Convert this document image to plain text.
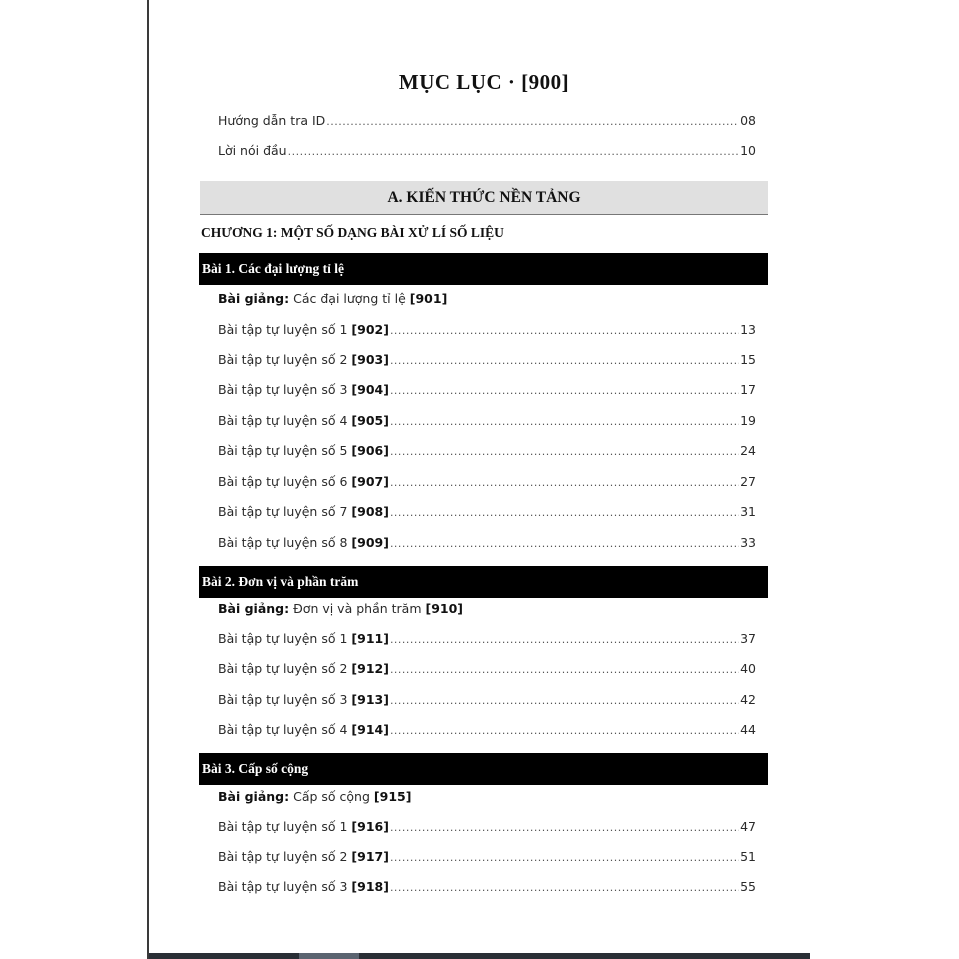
MỤC LỤC · [900]
Hướng dẫn tra ID .....	08
Lời nói đầu .....	10
A. KIẾN THỨC NỀN TẢNG
CHƯƠNG 1: MỘT SỐ DẠNG BÀI XỬ LÍ SỐ LIỆU
Bài 1. Các đại lượng tỉ lệ
Bài giảng: Các đại lượng tỉ lệ [901]
Bài tập tự luyện số 1 [902] .....	13
Bài tập tự luyện số 2 [903] .....	15
Bài tập tự luyện số 3 [904] .....	17
Bài tập tự luyện số 4 [905] .....	19
Bài tập tự luyện số 5 [906] .....	24
Bài tập tự luyện số 6 [907] .....	27
Bài tập tự luyện số 7 [908] .....	31
Bài tập tự luyện số 8 [909] .....	33
Bài 2. Đơn vị và phần trăm
Bài giảng: Đơn vị và phần trăm [910]
Bài tập tự luyện số 1 [911] .....	37
Bài tập tự luyện số 2 [912] .....	40
Bài tập tự luyện số 3 [913] .....	42
Bài tập tự luyện số 4 [914] .....	44
Bài 3. Cấp số cộng
Bài giảng: Cấp số cộng [915]
Bài tập tự luyện số 1 [916] .....	47
Bài tập tự luyện số 2 [917] .....	51
Bài tập tự luyện số 3 [918] .....	55
